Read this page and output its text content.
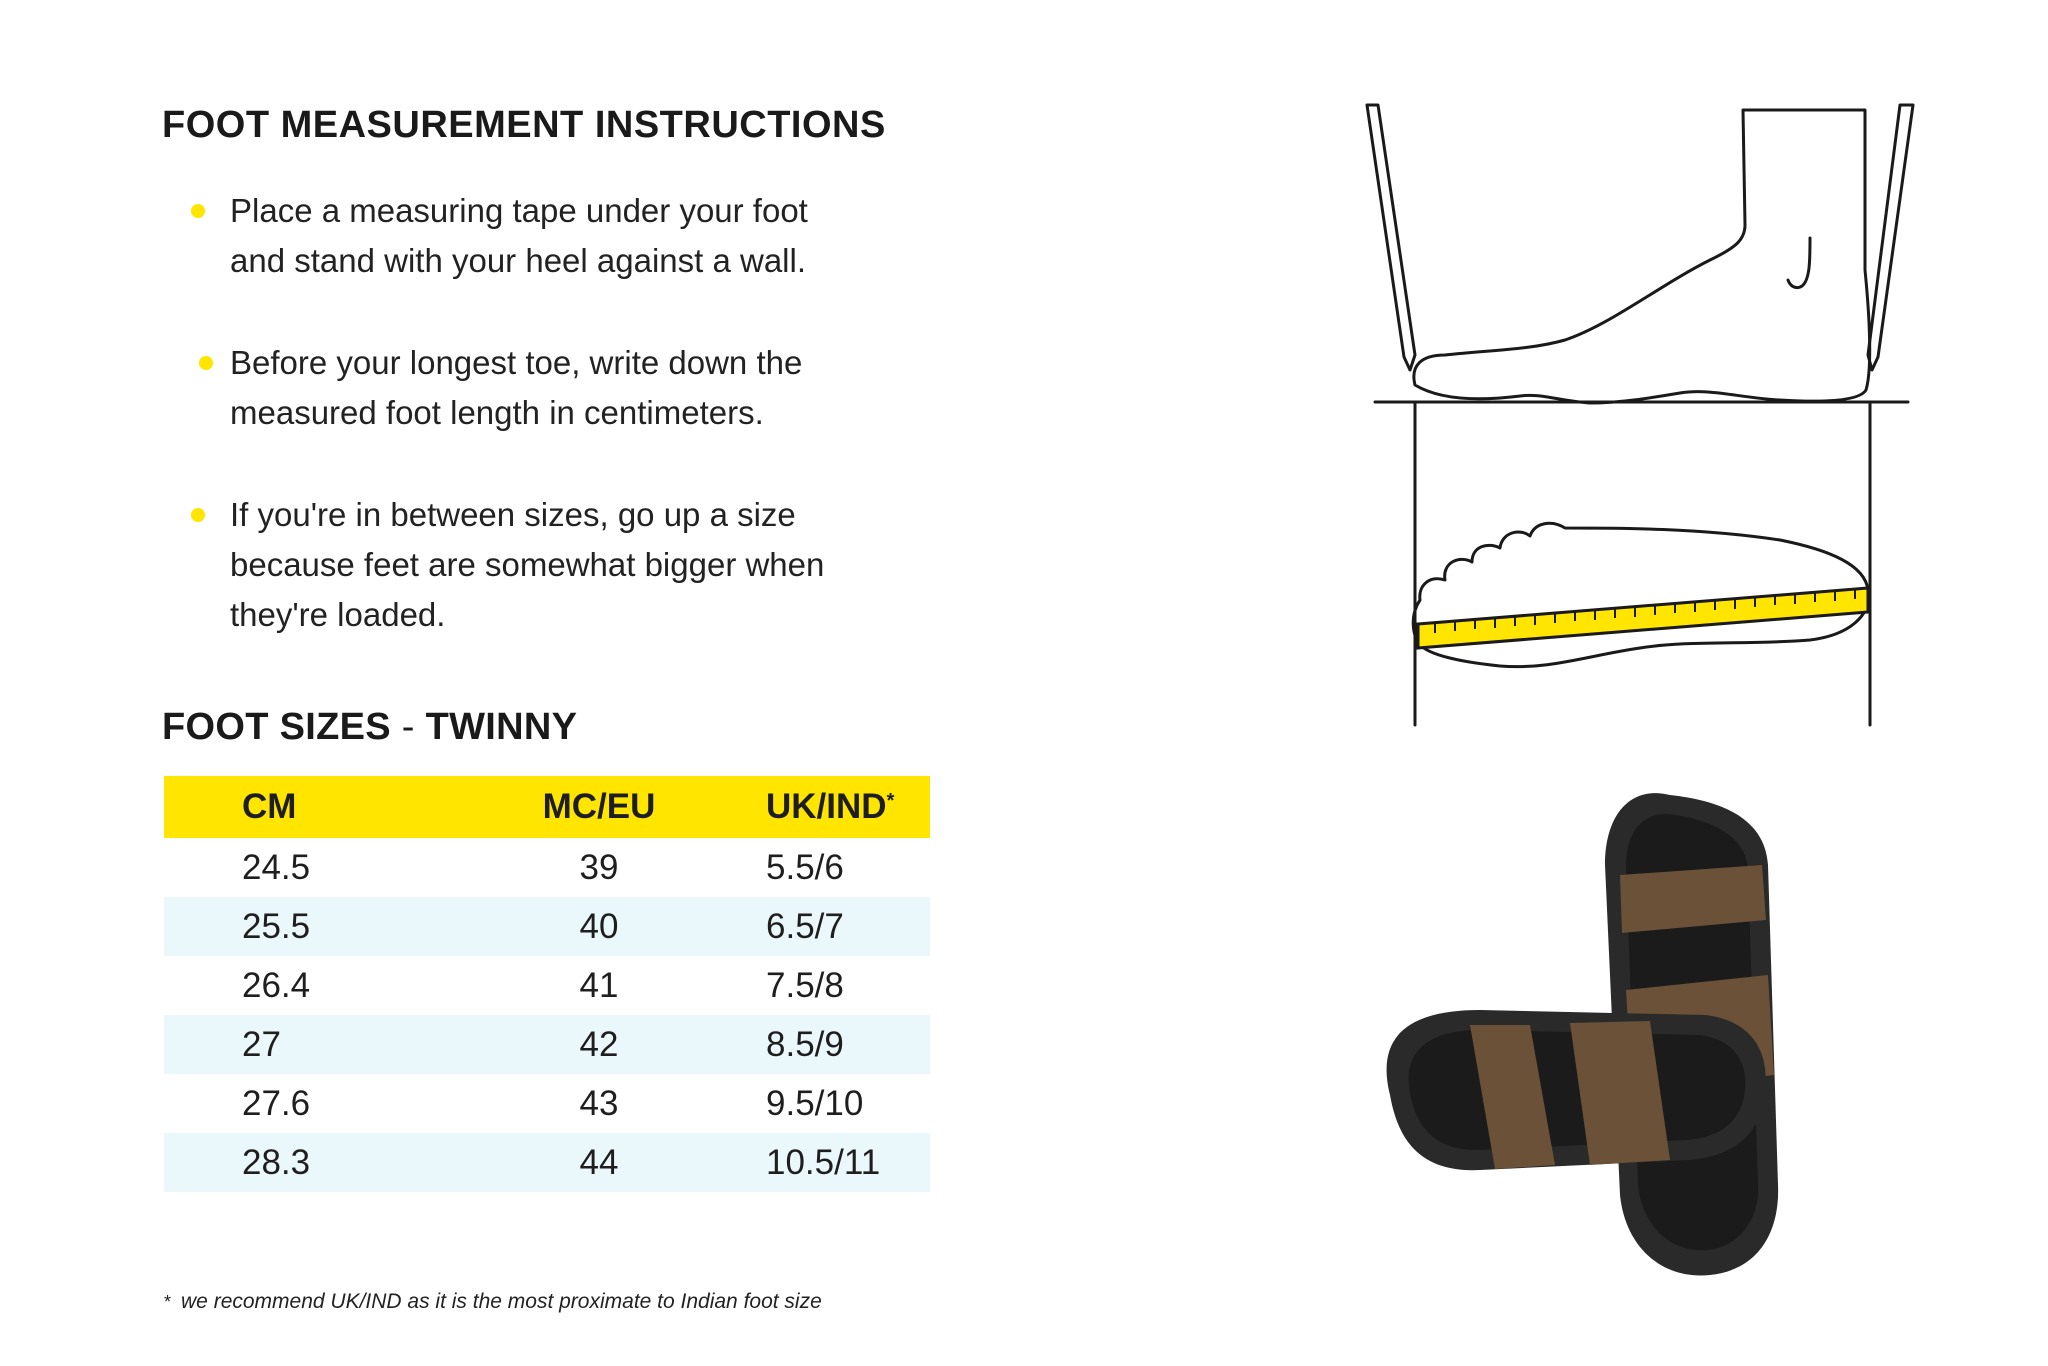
FOOT MEASUREMENT INSTRUCTIONS
Place a measuring tape under your foot
and stand with your heel against a wall.
Before your longest toe, write down the
measured foot length in centimeters.
If you're in between sizes, go up a size
because feet are somewhat bigger when
they're loaded.
FOOT SIZES - TWINNY
CM	MC/EU	UK/IND*
24.5	39	5.5/6
25.5	40	6.5/7
26.4	41	7.5/8
27	42	8.5/9
27.6	43	9.5/10
28.3	44	10.5/11
* we recommend UK/IND as it is the most proximate to Indian foot size
